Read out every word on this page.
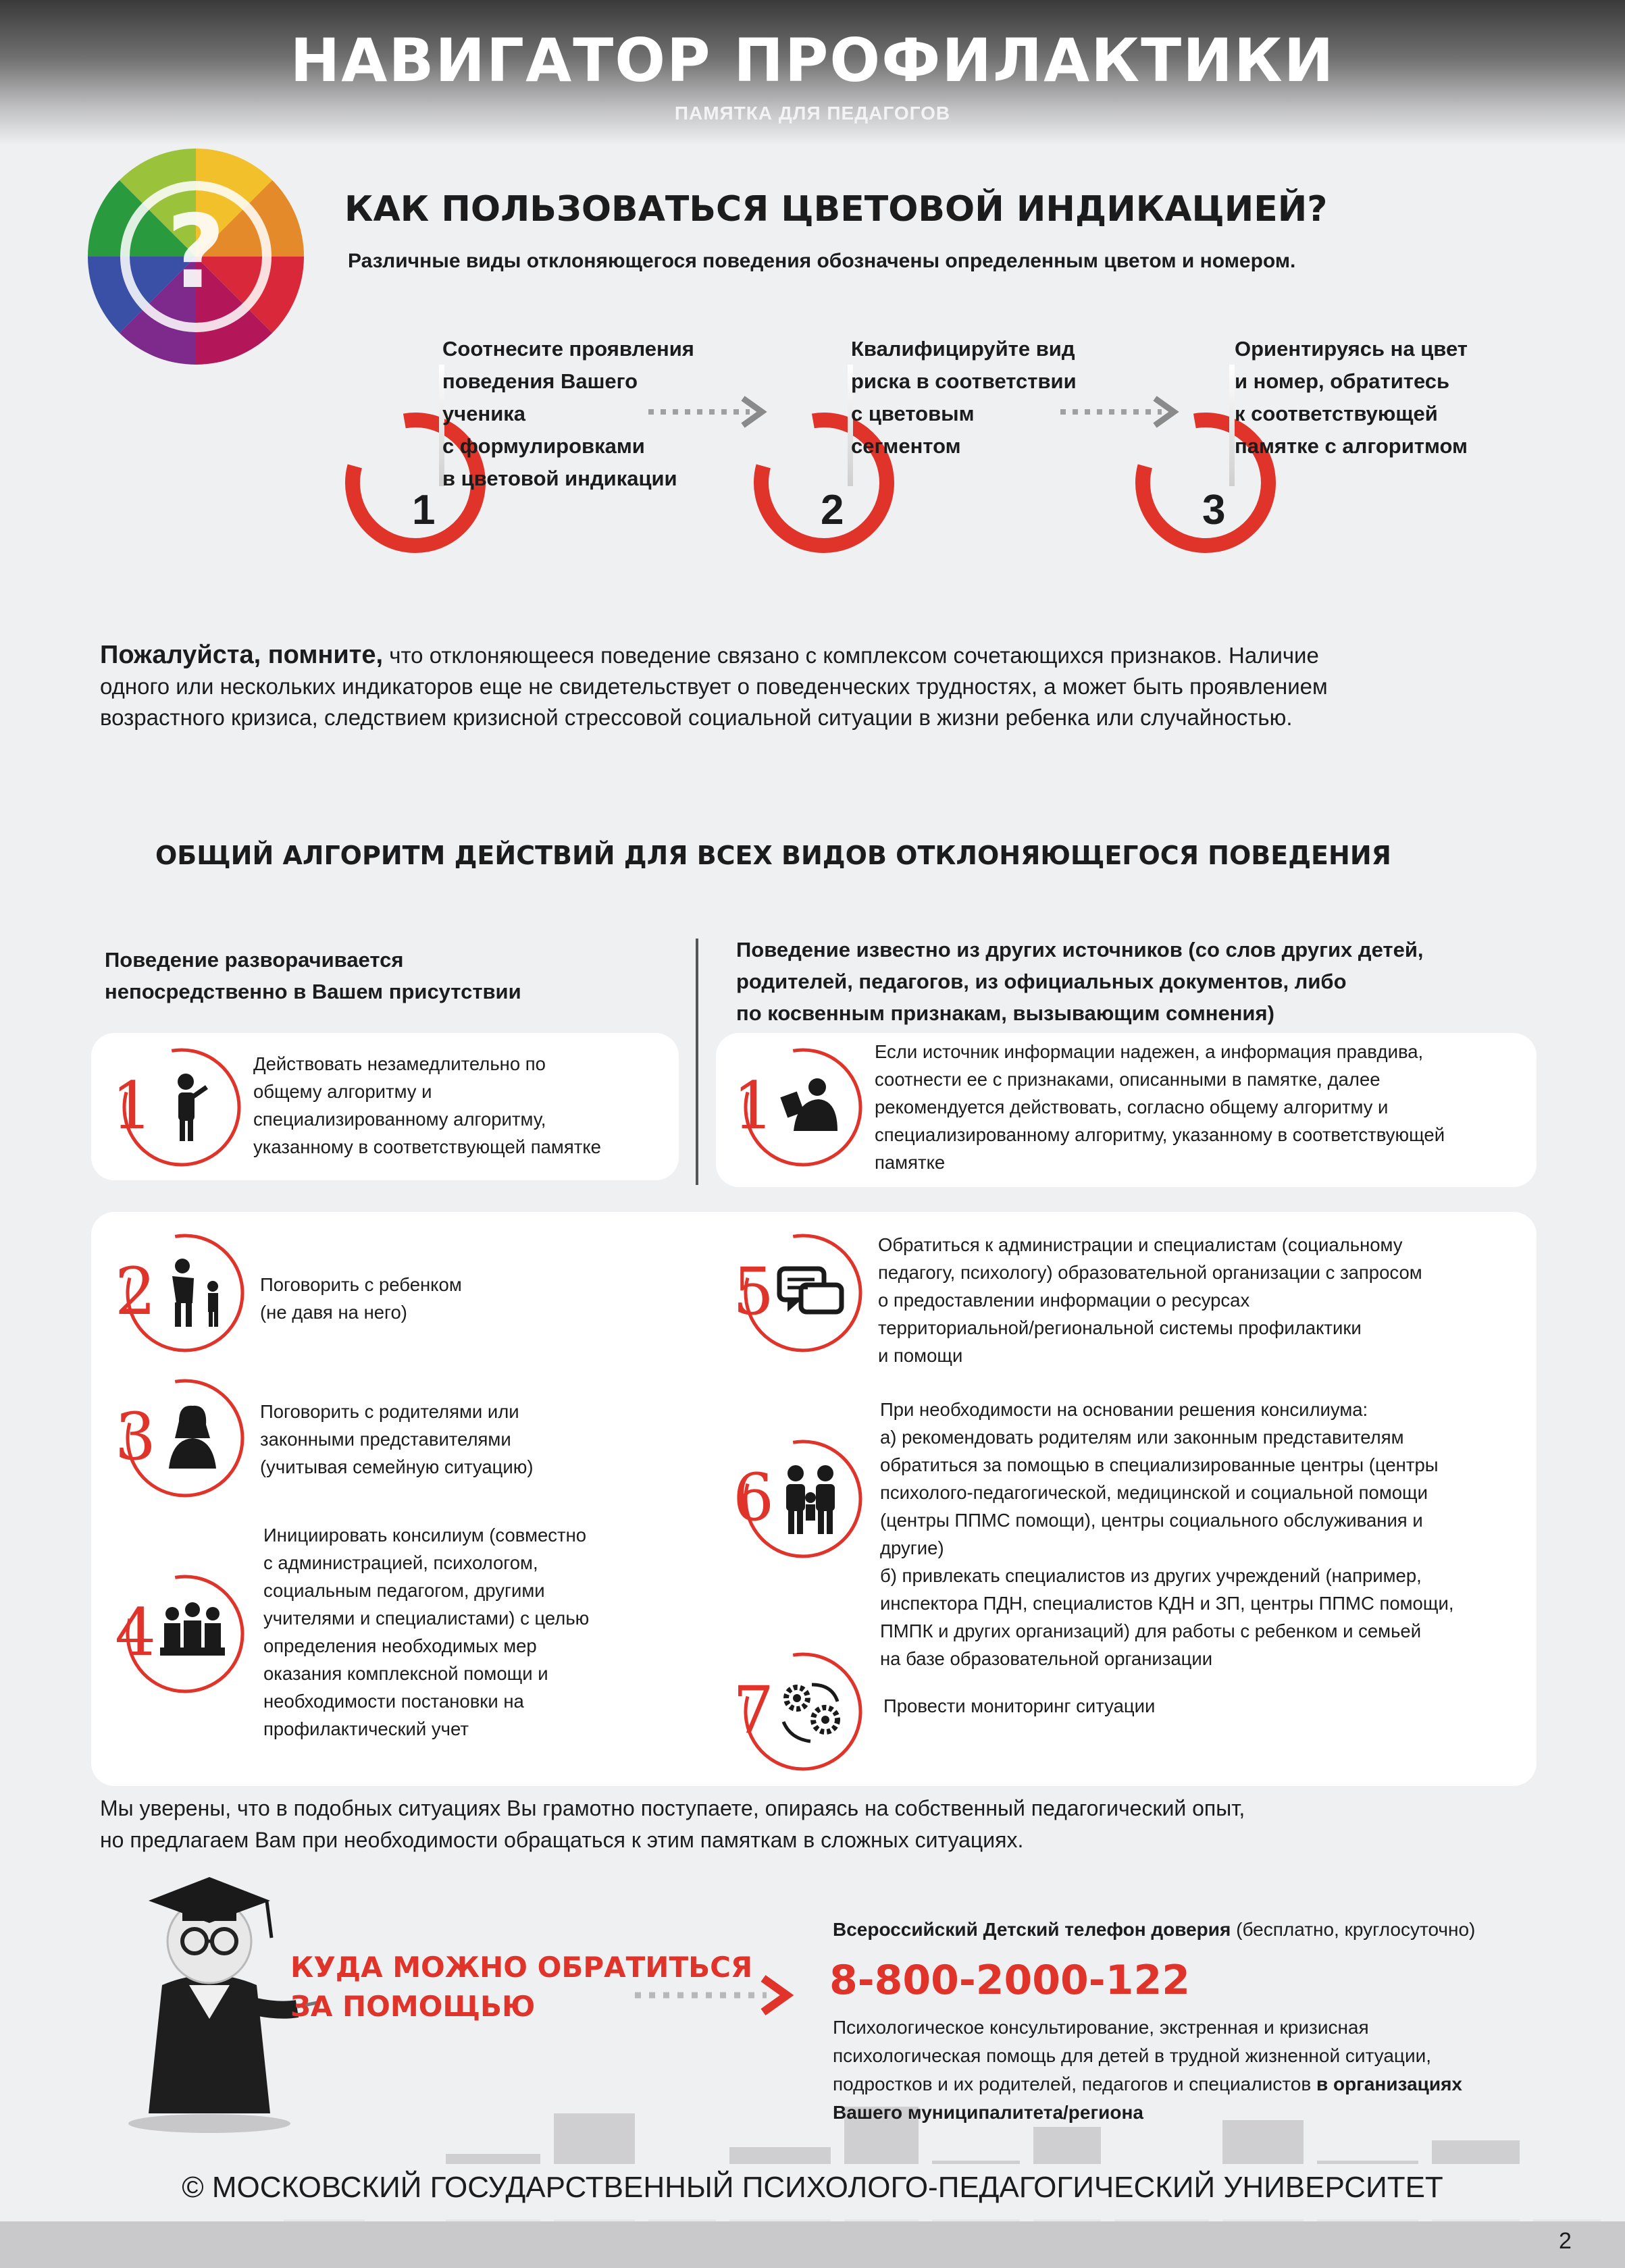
НАВИГАТОР ПРОФИЛАКТИКИ
ПАМЯТКА ДЛЯ ПЕДАГОГОВ
?	КАК ПОЛЬЗОВАТЬСЯ ЦВЕТОВОЙ ИНДИКАЦИЕЙ?
Различные виды отклоняющегося поведения обозначены определенным цветом и номером.
1
Соотнесите проявления
поведения Вашего
ученика
с формулировками
в цветовой индикации
2
Квалифицируйте вид
риска в соответствии
с цветовым
сегментом
3
Ориентируясь на цвет
и номер, обратитесь
к соответствующей
памятке с алгоритмом
Пожалуйста, помните, что отклоняющееся поведение связано с комплексом сочетающихся признаков. Наличие
одного или нескольких индикаторов еще не свидетельствует о поведенческих трудностях, а может быть проявлением
возрастного кризиса, следствием кризисной стрессовой социальной ситуации в жизни ребенка или случайностью.
ОБЩИЙ АЛГОРИТМ ДЕЙСТВИЙ ДЛЯ ВСЕХ ВИДОВ ОТКЛОНЯЮЩЕГОСЯ ПОВЕДЕНИЯ
Поведение разворачивается
непосредственно в Вашем присутствии
Поведение известно из других источников (со слов других детей,
родителей, педагогов, из официальных документов, либо
по косвенным признакам, вызывающим сомнения)
1
Действовать незамедлительно по
общему алгоритму и
специализированному алгоритму,
указанному в соответствующей памятке
1
Если источник информации надежен, а информация правдива,
соотнести ее с признаками, описанными в памятке, далее
рекомендуется действовать, согласно общему алгоритму и
специализированному алгоритму, указанному в соответствующей
памятке
2	Поговорить с ребенком
(не давя на него)
3	Поговорить с родителями или
законными представителями
(учитывая семейную ситуацию)
4
Инициировать консилиум (совместно
с администрацией, психологом,
социальным педагогом, другими
учителями и специалистами) с целью
определения необходимых мер
оказания комплексной помощи и
необходимости постановки на
профилактический учет
5
Обратиться к администрации и специалистам (социальному
педагогу, психологу) образовательной организации с запросом
о предоставлении информации о ресурсах
территориальной/региональной системы профилактики
и помощи
6
При необходимости на основании решения консилиума:
а) рекомендовать родителям или законным представителям
обратиться за помощью в специализированные центры (центры
психолого-педагогической, медицинской и социальной помощи
(центры ППМС помощи), центры социального обслуживания и
другие)
б) привлекать специалистов из других учреждений (например,
инспектора ПДН, специалистов КДН и ЗП, центры ППМС помощи,
ПМПК и других организаций) для работы с ребенком и семьей
на базе образовательной организации
7	Провести мониторинг ситуации
Мы уверены, что в подобных ситуациях Вы грамотно поступаете, опираясь на собственный педагогический опыт,
но предлагаем Вам при необходимости обращаться к этим памяткам в сложных ситуациях.
КУДА МОЖНО ОБРАТИТЬСЯ
ЗА ПОМОЩЬЮ
Всероссийский Детский телефон доверия (бесплатно, круглосуточно)
8-800-2000-122
Психологическое консультирование, экстренная и кризисная
психологическая помощь для детей в трудной жизненной ситуации,
подростков и их родителей, педагогов и специалистов в организациях
Вашего муниципалитета/региона
© МОСКОВСКИЙ ГОСУДАРСТВЕННЫЙ ПСИХОЛОГО-ПЕДАГОГИЧЕСКИЙ УНИВЕРСИТЕТ
2
